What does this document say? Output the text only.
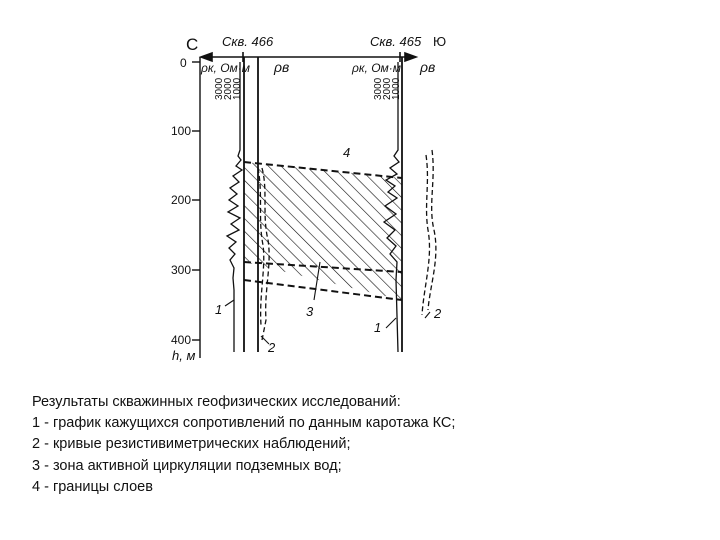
С	Ю
Скв. 466	Скв. 465
0
100
200
300
400
h, м
ρк, Ом·м ρв
3000
2000
1000
ρк, Ом·м ρв
3000
2000
1000
1
2
3
4
1
2
Результаты скважинных геофизических исследований:
1 - график кажущихся сопротивлений по данным каротажа КС;
2 - кривые резистивиметрических наблюдений;
3 - зона активной циркуляции подземных вод;
4 - границы слоев
